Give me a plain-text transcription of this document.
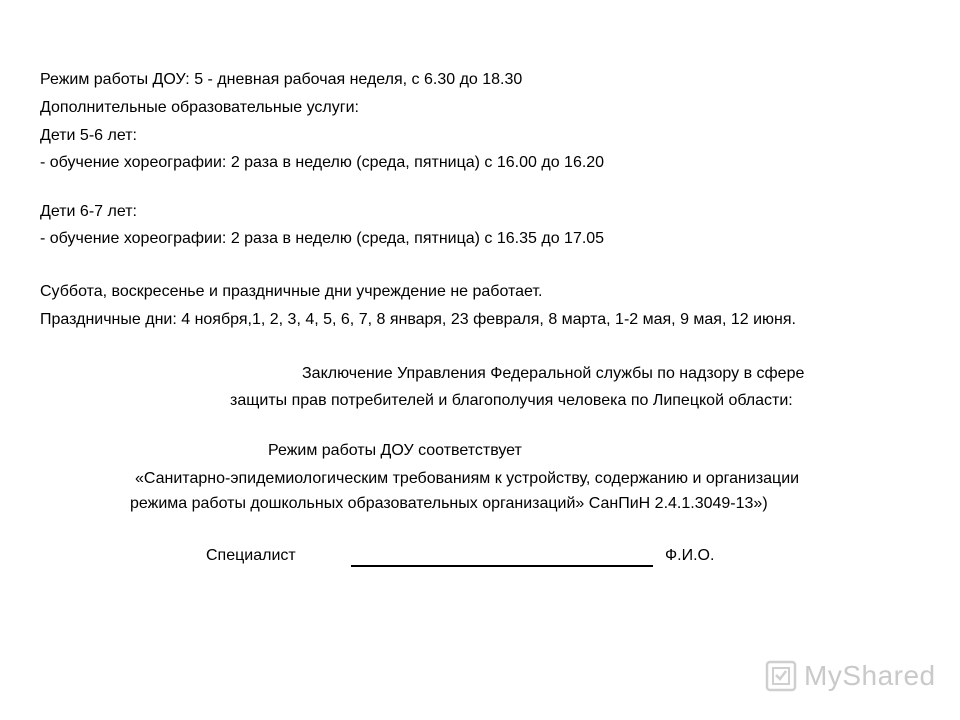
Режим работы ДОУ: 5 - дневная рабочая неделя, с 6.30 до 18.30
Дополнительные образовательные услуги:
Дети 5-6 лет:
- обучение хореографии: 2 раза в неделю (среда, пятница) с 16.00 до 16.20
Дети 6-7 лет:
- обучение хореографии: 2 раза в неделю (среда, пятница) с 16.35 до 17.05
Суббота, воскресенье и праздничные дни учреждение не работает.
Праздничные дни: 4 ноября,1, 2, 3, 4, 5, 6, 7, 8 января, 23 февраля, 8 марта, 1-2 мая, 9 мая, 12 июня.
Заключение Управления Федеральной службы по надзору в сфере
защиты прав потребителей и благополучия человека по Липецкой области:
Режим работы ДОУ соответствует
«Санитарно-эпидемиологическим требованиям к устройству, содержанию и организации
режима работы дошкольных образовательных организаций» СанПиН 2.4.1.3049-13»)
Специалист	Ф.И.О.
MyShared
